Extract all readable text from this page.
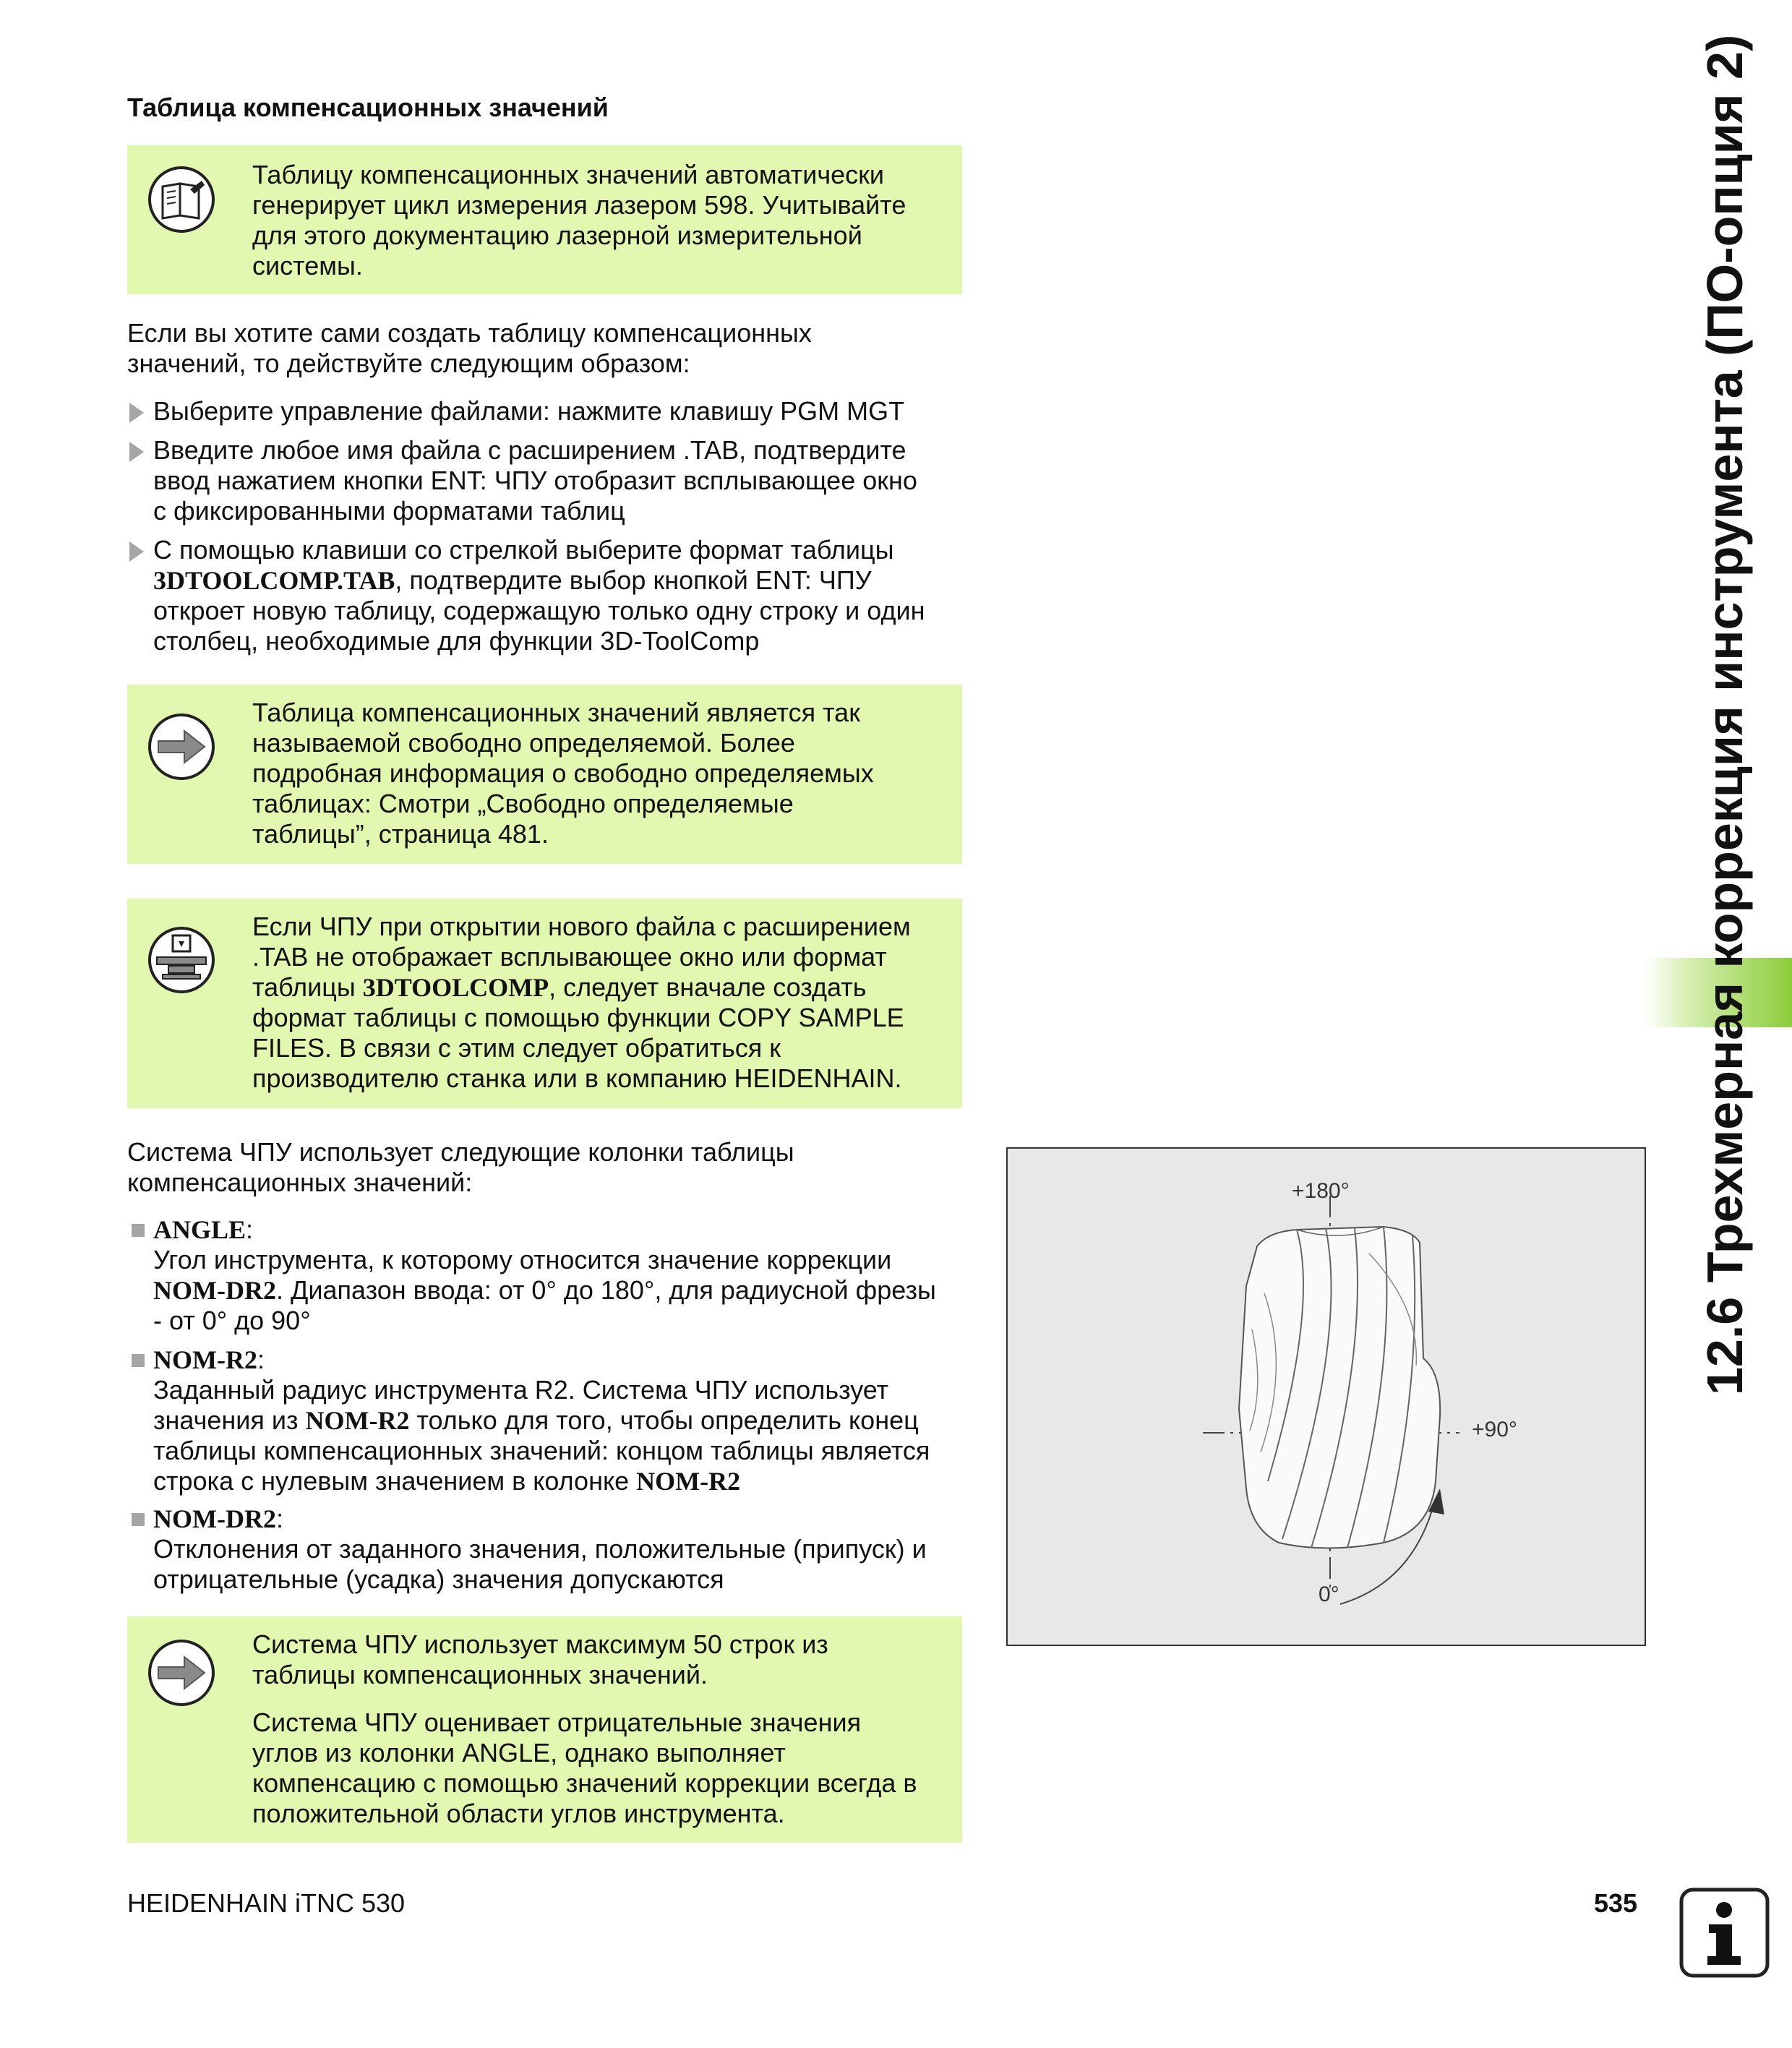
Таблица компенсационных значений
Таблицу компенсационных значений автоматически
генерирует цикл измерения лазером 598. Учитывайте
для этого документацию лазерной измерительной
системы.
Если вы хотите сами создать таблицу компенсационных
значений, то действуйте следующим образом:
Выберите управление файлами: нажмите клавишу PGM MGT
Введите любое имя файла с расширением .TAB, подтвердите
ввод нажатием кнопки ENT: ЧПУ отобразит всплывающее окно
с фиксированными форматами таблиц
С помощью клавиши со стрелкой выберите формат таблицы
3DTOOLCOMP.TAB, подтвердите выбор кнопкой ENT: ЧПУ
откроет новую таблицу, содержащую только одну строку и один
столбец, необходимые для функции 3D-ToolComp
Таблица компенсационных значений является так
называемой свободно определяемой. Более
подробная информация о свободно определяемых
таблицах: Смотри „Свободно определяемые
таблицы”, страница 481.
Если ЧПУ при открытии нового файла с расширением
.TAB не отображает всплывающее окно или формат
таблицы 3DTOOLCOMP, следует вначале создать
формат таблицы с помощью функции COPY SAMPLE
FILES. В связи с этим следует обратиться к
производителю станка или в компанию HEIDENHAIN.
Система ЧПУ использует следующие колонки таблицы
компенсационных значений:
ANGLE:
Угол инструмента, к которому относится значение коррекции
NOM-DR2. Диапазон ввода: от 0° до 180°, для радиусной фрезы
- от 0° до 90°
NOM-R2:
Заданный радиус инструмента R2. Система ЧПУ использует
значения из NOM-R2 только для того, чтобы определить конец
таблицы компенсационных значений: концом таблицы является
строка с нулевым значением в колонке NOM-R2
NOM-DR2:
Отклонения от заданного значения, положительные (припуск) и
отрицательные (усадка) значения допускаются
Система ЧПУ использует максимум 50 строк из
таблицы компенсационных значений.
Система ЧПУ оценивает отрицательные значения
углов из колонки ANGLE, однако выполняет
компенсацию с помощью значений коррекции всегда в
положительной области углов инструмента.
+180°
+90°
0°
12.6 Трехмерная коррекция инструмента (ПО-опция 2)
HEIDENHAIN iTNC 530	535
